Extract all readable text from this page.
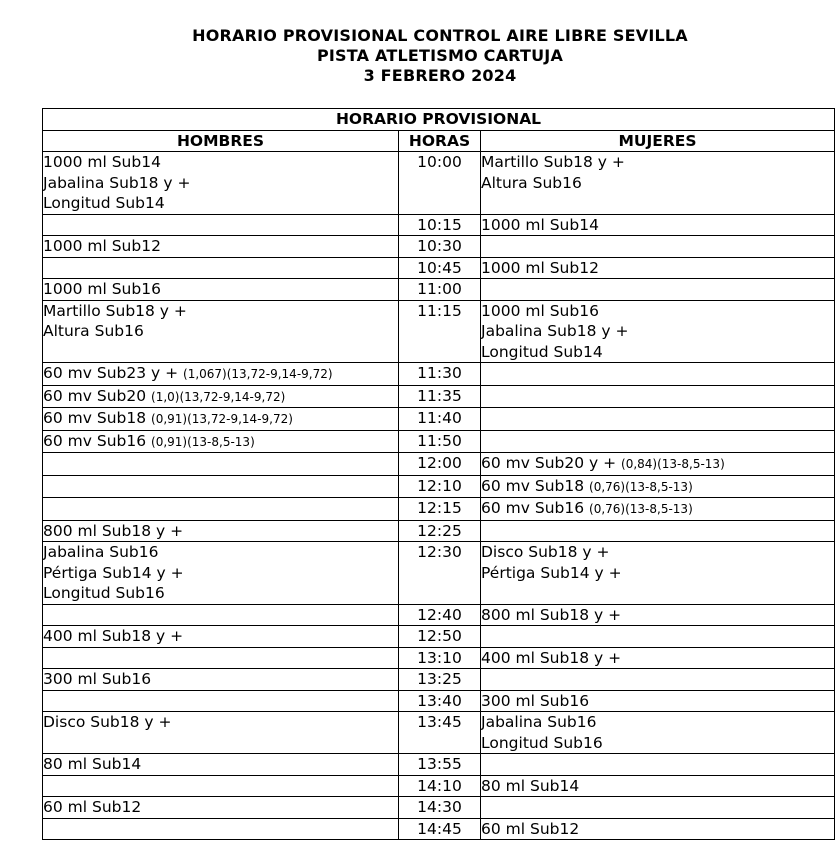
HORARIO PROVISIONAL CONTROL AIRE LIBRE SEVILLA
PISTA ATLETISMO CARTUJA
3 FEBRERO 2024
HORARIO PROVISIONAL		
HOMBRES	HORAS	MUJERES

1000 ml Sub14
Jabalina Sub18 y +
Longitud Sub14	10:00	Martillo Sub18 y +
Altura Sub16

	10:15	1000 ml Sub14

1000 ml Sub12	10:30	

	10:45	1000 ml Sub12

1000 ml Sub16	11:00	

Martillo Sub18 y +
Altura Sub16	11:15	1000 ml Sub16
Jabalina Sub18 y +
Longitud Sub14

60 mv Sub23 y + (1,067)(13,72-9,14-9,72)	11:30	

60 mv Sub20 (1,0)(13,72-9,14-9,72)	11:35	

60 mv Sub18 (0,91)(13,72-9,14-9,72)	11:40	

60 mv Sub16 (0,91)(13-8,5-13)	11:50	

	12:00	60 mv Sub20 y + (0,84)(13-8,5-13)

	12:10	60 mv Sub18 (0,76)(13-8,5-13)

	12:15	60 mv Sub16 (0,76)(13-8,5-13)

800 ml Sub18 y +	12:25	

Jabalina Sub16
Pértiga Sub14 y +
Longitud Sub16	12:30	Disco Sub18 y +
Pértiga Sub14 y +

	12:40	800 ml Sub18 y +

400 ml Sub18 y +	12:50	

	13:10	400 ml Sub18 y +

300 ml Sub16	13:25	

	13:40	300 ml Sub16

Disco Sub18 y +	13:45	Jabalina Sub16
Longitud Sub16

80 ml Sub14	13:55	

	14:10	80 ml Sub14

60 ml Sub12	14:30	

	14:45	60 ml Sub12
